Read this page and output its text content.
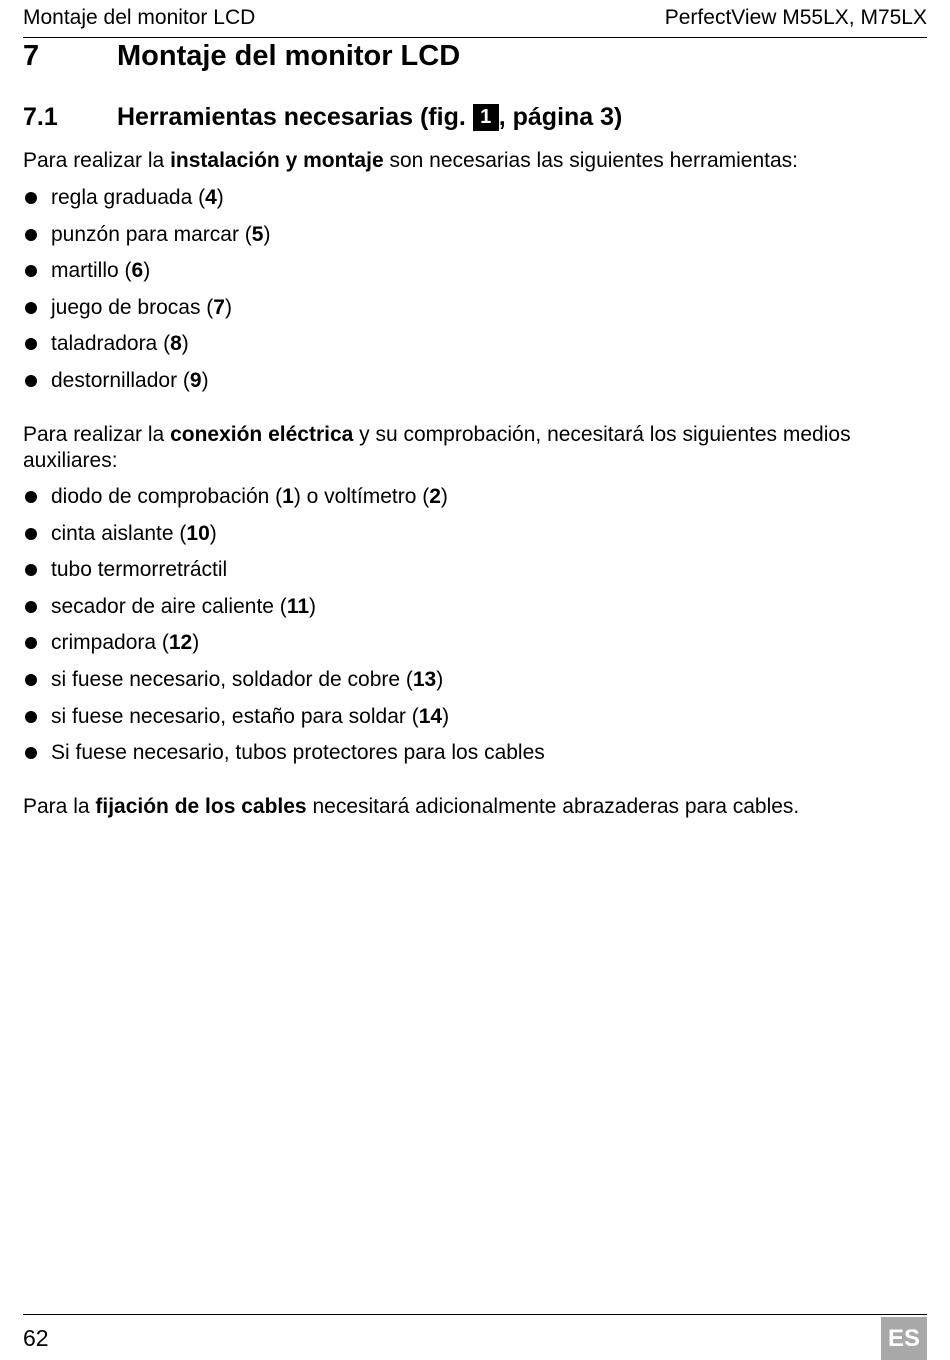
Montaje del monitor LCD	PerfectView M55LX, M75LX
7	Montaje del monitor LCD
7.1 Herramientas necesarias (fig. 1 , página 3)
Para realizar la instalación y montaje son necesarias las siguientes herramientas:
regla graduada (4)
punzón para marcar (5)
martillo (6)
juego de brocas (7)
taladradora (8)
destornillador (9)
Para realizar la conexión eléctrica y su comprobación, necesitará los siguientes medios auxiliares:
diodo de comprobación (1) o voltímetro (2)
cinta aislante (10)
tubo termorretráctil
secador de aire caliente (11)
crimpadora (12)
si fuese necesario, soldador de cobre (13)
si fuese necesario, estaño para soldar (14)
Si fuese necesario, tubos protectores para los cables
Para la fijación de los cables necesitará adicionalmente abrazaderas para cables.
62	ES
